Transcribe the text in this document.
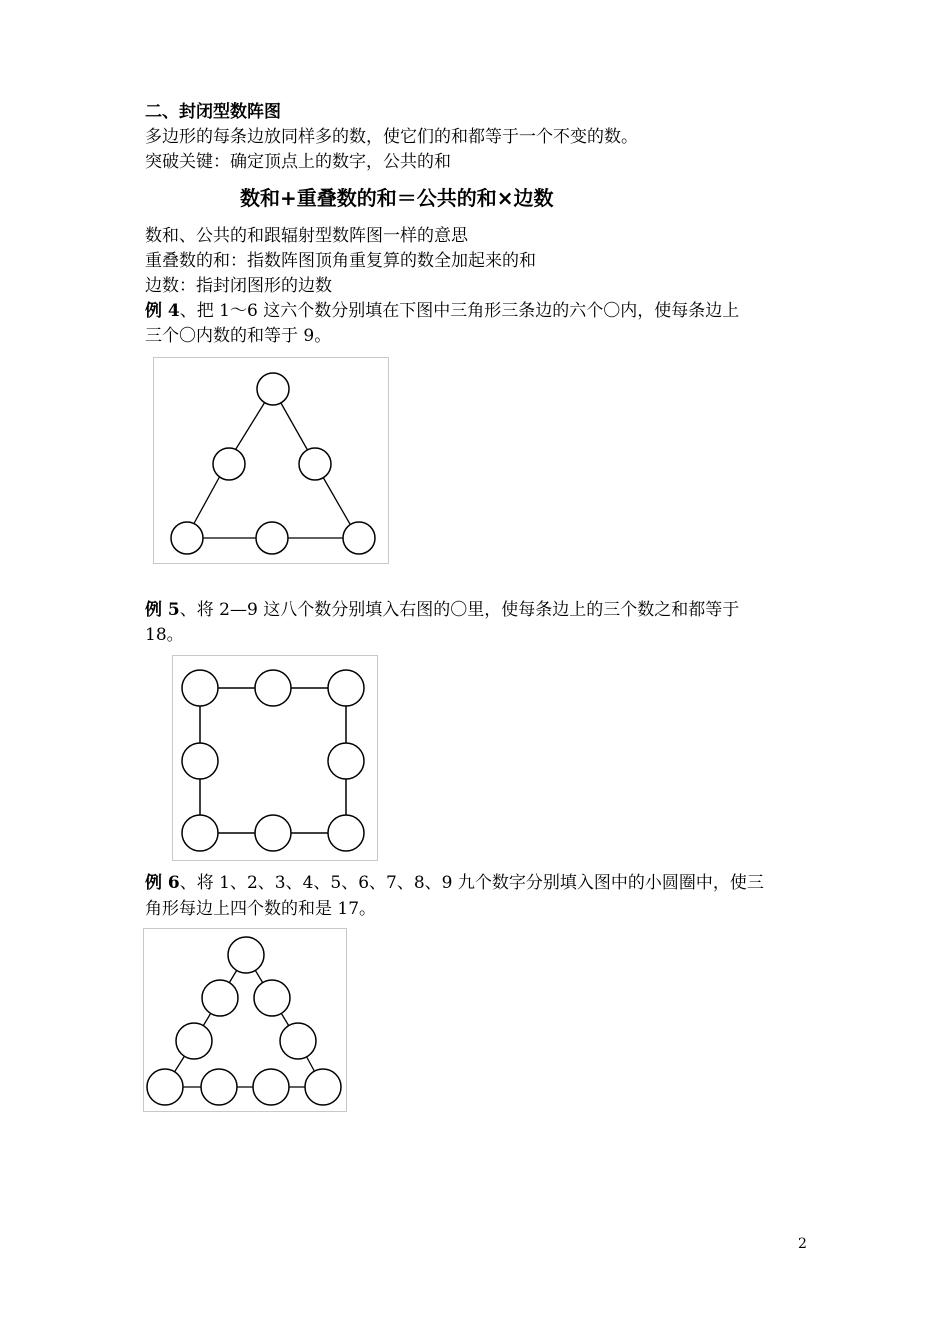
二、封闭型数阵图
多边形的每条边放同样多的数，使它们的和都等于一个不变的数。
突破关键：确定顶点上的数字，公共的和
数和+重叠数的和＝公共的和×边数
数和、公共的和跟辐射型数阵图一样的意思
重叠数的和：指数阵图顶角重复算的数全加起来的和
边数：指封闭图形的边数
例 4、把 1～6 这六个数分别填在下图中三角形三条边的六个〇内，使每条边上
三个〇内数的和等于 9。
例 5、将 2—9 这八个数分别填入右图的〇里，使每条边上的三个数之和都等于
18。
例 6、将 1、2、3、4、5、6、7、8、9 九个数字分别填入图中的小圆圈中，使三
角形每边上四个数的和是 17。
2
